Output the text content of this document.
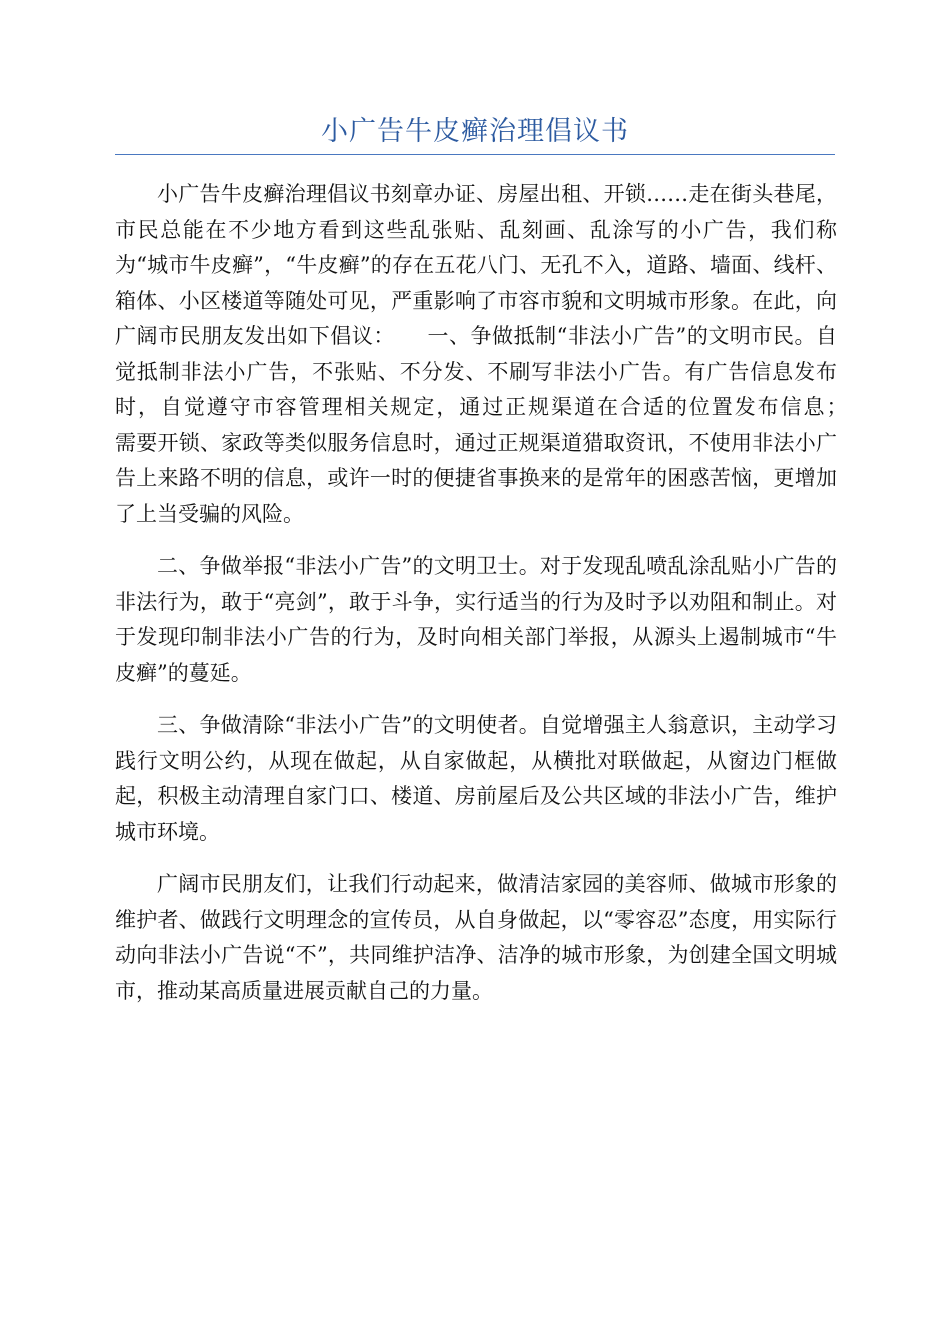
小广告牛皮癣治理倡议书

小广告牛皮癣治理倡议书刻章办证、房屋出租、开锁……走在街头巷尾，市民总能在不少地方看到这些乱张贴、乱刻画、乱涂写的小广告，我们称为“城市牛皮癣”，“牛皮癣”的存在五花八门、无孔不入，道路、墙面、线杆、箱体、小区楼道等随处可见，严重影响了市容市貌和文明城市形象。在此，向广阔市民朋友发出如下倡议：　　一、争做抵制“非法小广告”的文明市民。自觉抵制非法小广告，不张贴、不分发、不刷写非法小广告。有广告信息发布时，自觉遵守市容管理相关规定，通过正规渠道在合适的位置发布信息；　　　需要开锁、家政等类似服务信息时，通过正规渠道猎取资讯，不使用非法小广告上来路不明的信息，或许一时的便捷省事换来的是常年的困惑苦恼，更增加了上当受骗的风险。

二、争做举报“非法小广告”的文明卫士。对于发现乱喷乱涂乱贴小广告的非法行为，敢于“亮剑”，敢于斗争，实行适当的行为及时予以劝阻和制止。对于发现印制非法小广告的行为，及时向相关部门举报，从源头上遏制城市“牛皮癣”的蔓延。

三、争做清除“非法小广告”的文明使者。自觉增强主人翁意识，主动学习践行文明公约，从现在做起，从自家做起，从横批对联做起，从窗边门框做起，积极主动清理自家门口、楼道、房前屋后及公共区域的非法小广告，维护城市环境。

广阔市民朋友们，让我们行动起来，做清洁家园的美容师、做城市形象的维护者、做践行文明理念的宣传员，从自身做起，以“零容忍”态度，用实际行动向非法小广告说“不”，共同维护洁净、洁净的城市形象，为创建全国文明城市，推动某高质量进展贡献自己的力量。
